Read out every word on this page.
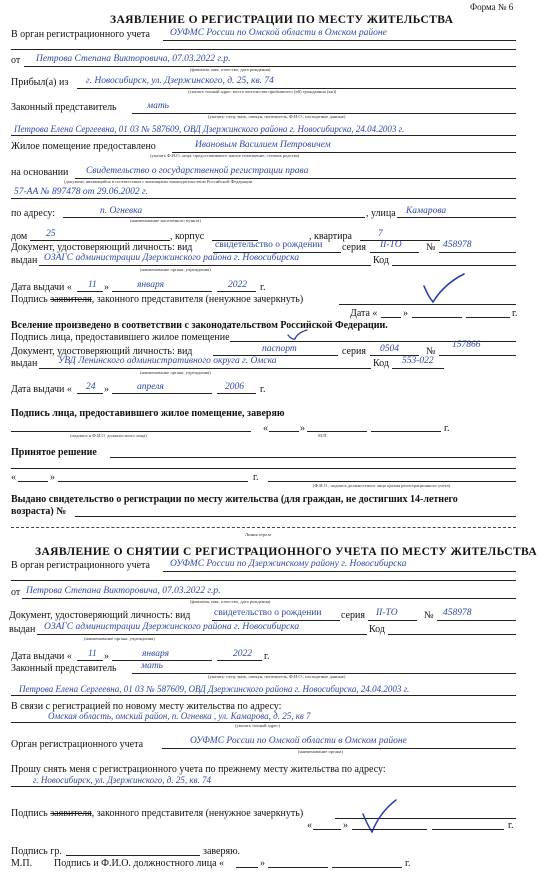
Форма № 6
ЗАЯВЛЕНИЕ О РЕГИСТРАЦИИ ПО МЕСТУ ЖИТЕЛЬСТВА
В орган регистрационного учета ОУФМС России по Омской области в Омском районе
от Петрова Степана Викторовича, 07.03.2022 г.р.
(фамилия, имя, отчество, дата рождения)
Прибыл(а) из г. Новосибирск, ул. Дзержинского, д. 25, кв. 74
(указать точный адрес места жительства прибывшего (ей) гражданина (ки))
Законный представитель	мать
(указать: отец, мать, опекун, попечитель, Ф.И.О., паспортные данные)
Петрова Елена Сергеевна, 01 03 № 587609, ОВД Дзержинского района г. Новосибирска, 24.04.2003 г.
Жилое помещение предоставлено	Ивановым Василием Петровичем
(указать Ф.И.О. лица, предоставившего жилое помещение, степень родства)
на основании Свидетельство о государственной регистрации права
(документ, являющийся в соответствии с жилищным законодательством Российской Федерации
57-АА № 897478 от 29.06.2002 г.
по адресу:	п. Огневка
(наименование населенного пункта)
, улица Камарова
дом 25	, корпус	, квартира	7
Документ, удостоверяющий личность: вид свидетельство о рождении серия II-ТО № 458978
выдан ОЗАГС администрации Дзержинского района г. Новосибирска
(наименование органа, учреждения)
Код
Дата выдачи « 11 »	января	2022 г.
Подпись заявителя, законного представителя (ненужное зачеркнуть)
Дата «	»	г.
Вселение произведено в соответствии с законодательством Российской Федерации.
Подпись лица, предоставившего жилое помещение
Документ, удостоверяющий личность: вид	паспорт	серия 0504	№
157866
выдан УВД Ленинского административного округа г. Омска
(наименование органа, учреждения)
Код 553-022
Дата выдачи « 24 »	апреля	2006 г.
Подпись лица, предоставившего жилое помещение, заверяю
(подпись и Ф.И.О. должностного лица)
«	»
М.П.
г.
Принятое решение
«	»	г.
(Ф.И.О., подпись должностного лица органа регистрационного учета)
Выдано свидетельство о регистрации по месту жительства (для граждан, не достигших 14-летнего
возраста) №
Линия отреза
ЗАЯВЛЕНИЕ О СНЯТИИ С РЕГИСТРАЦИОННОГО УЧЕТА ПО МЕСТУ ЖИТЕЛЬСТВА
В орган регистрационного учета ОУФМС России по Дзержинскому району г. Новосибирска
от Петрова Степана Викторовича, 07.03.2022 г.р.
(фамилия, имя, отчество, дата рождения)
Документ, удостоверяющий личность: вид свидетельство о рождении серия II-ТО	№ 458978
выдан ОЗАГС администрации Дзержинского района г. Новосибирска
(наименование органа, учреждения)
Код
Дата выдачи « 11 »	января	2022 г.
Законный представитель	мать
(указать: отец, мать, опекун, попечитель, Ф.И.О., паспортные данные)
Петрова Елена Сергеевна, 01 03 № 587609, ОВД Дзержинского района г. Новосибирска, 24.04.2003 г.
В связи с регистрацией по новому месту жительства по адресу:
Омская область, омский район, п. Огневка , ул. Камарова, д. 25, кв 7
(указать точный адрес)
Орган регистрационного учета	ОУФМС России по Омской области в Омском районе
(наименование органа)
Прошу снять меня с регистрационного учета по прежнему месту жительства по адресу:
г. Новосибирск, ул. Дзержинского, д. 25, кв. 74
Подпись заявителя, законного представителя (ненужное зачеркнуть)
«	»	г.
Подпись гр.	заверяю.
М.П. Подпись и Ф.И.О. должностного лица «	»	г.
